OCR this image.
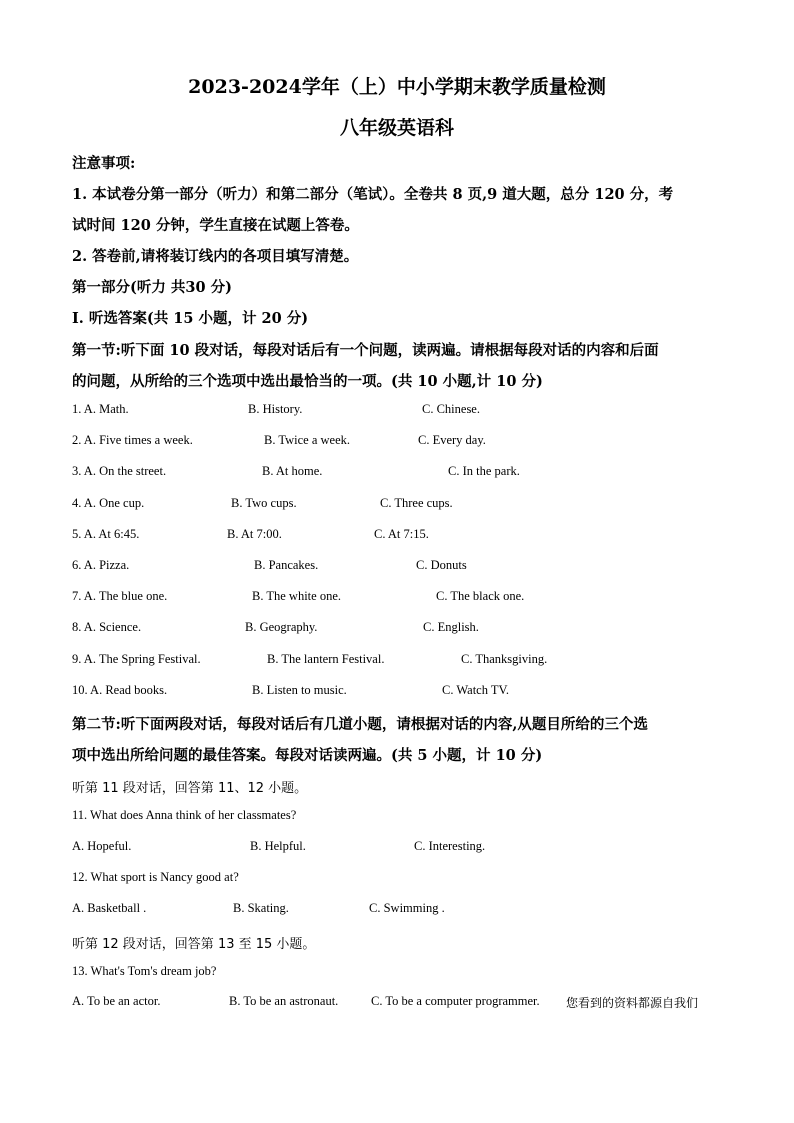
2023-2024学年（上）中小学期末教学质量检测
八年级英语科
注意事项:
1. 本试卷分第一部分（听力）和第二部分（笔试）。全卷共 8 页,9 道大题，总分 120 分，考
试时间 120 分钟，学生直接在试题上答卷。
2. 答卷前,请将装订线内的各项目填写清楚。
第一部分(听力 共30 分)
I. 听选答案(共 15 小题，计 20 分)
第一节:听下面 10 段对话，每段对话后有一个问题，读两遍。请根据每段对话的内容和后面
的问题，从所给的三个选项中选出最恰当的一项。(共 10 小题,计 10 分)
1. A. Math.	B. History.	C. Chinese.
2. A. Five times a week.	B. Twice a week.	C. Every day.
3. A. On the street.	B. At home.	C. In the park.
4. A. One cup.	B. Two cups.	C. Three cups.
5. A. At 6:45.	B. At 7:00.	C. At 7:15.
6. A. Pizza.	B. Pancakes.	C. Donuts
7. A. The blue one.	B. The white one.	C. The black one.
8. A. Science.	B. Geography.	C. English.
9. A. The Spring Festival.	B. The lantern Festival.	C. Thanksgiving.
10. A. Read books.	B. Listen to music.	C. Watch TV.
第二节:听下面两段对话，每段对话后有几道小题，请根据对话的内容,从题目所给的三个选
项中选出所给问题的最佳答案。每段对话读两遍。(共 5 小题，计 10 分)
听第 11 段对话，回答第 11、12 小题。
11. What does Anna think of her classmates?
A. Hopeful.	B. Helpful.	C. Interesting.
12. What sport is Nancy good at?
A. Basketball .	B. Skating.	C. Swimming .
听第 12 段对话，回答第 13 至 15 小题。
13. What's Tom's dream job?
A. To be an actor.	B. To be an astronaut.	C. To be a computer programmer. 您看到的资料都源自我们
